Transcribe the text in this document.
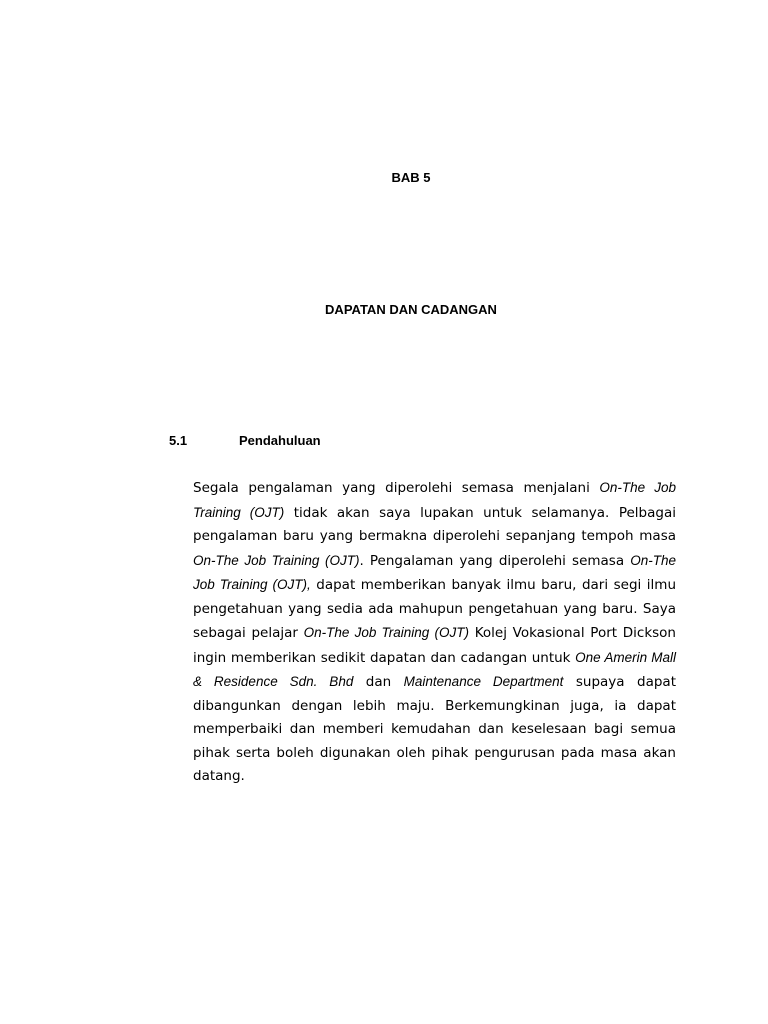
BAB 5
DAPATAN DAN CADANGAN
5.1	Pendahuluan

Segala pengalaman yang diperolehi semasa menjalani On-The Job Training (OJT) tidak akan saya lupakan untuk selamanya. Pelbagai pengalaman baru yang bermakna diperolehi sepanjang tempoh masa On-The Job Training (OJT). Pengalaman yang diperolehi semasa On-The Job Training (OJT), dapat memberikan banyak ilmu baru, dari segi ilmu pengetahuan yang sedia ada mahupun pengetahuan yang baru. Saya sebagai pelajar On-The Job Training (OJT) Kolej Vokasional Port Dickson ingin memberikan sedikit dapatan dan cadangan untuk One Amerin Mall & Residence Sdn. Bhd dan Maintenance Department supaya dapat dibangunkan dengan lebih maju. Berkemungkinan juga, ia dapat memperbaiki dan memberi kemudahan dan keselesaan bagi semua pihak serta boleh digunakan oleh pihak pengurusan pada masa akan datang.
